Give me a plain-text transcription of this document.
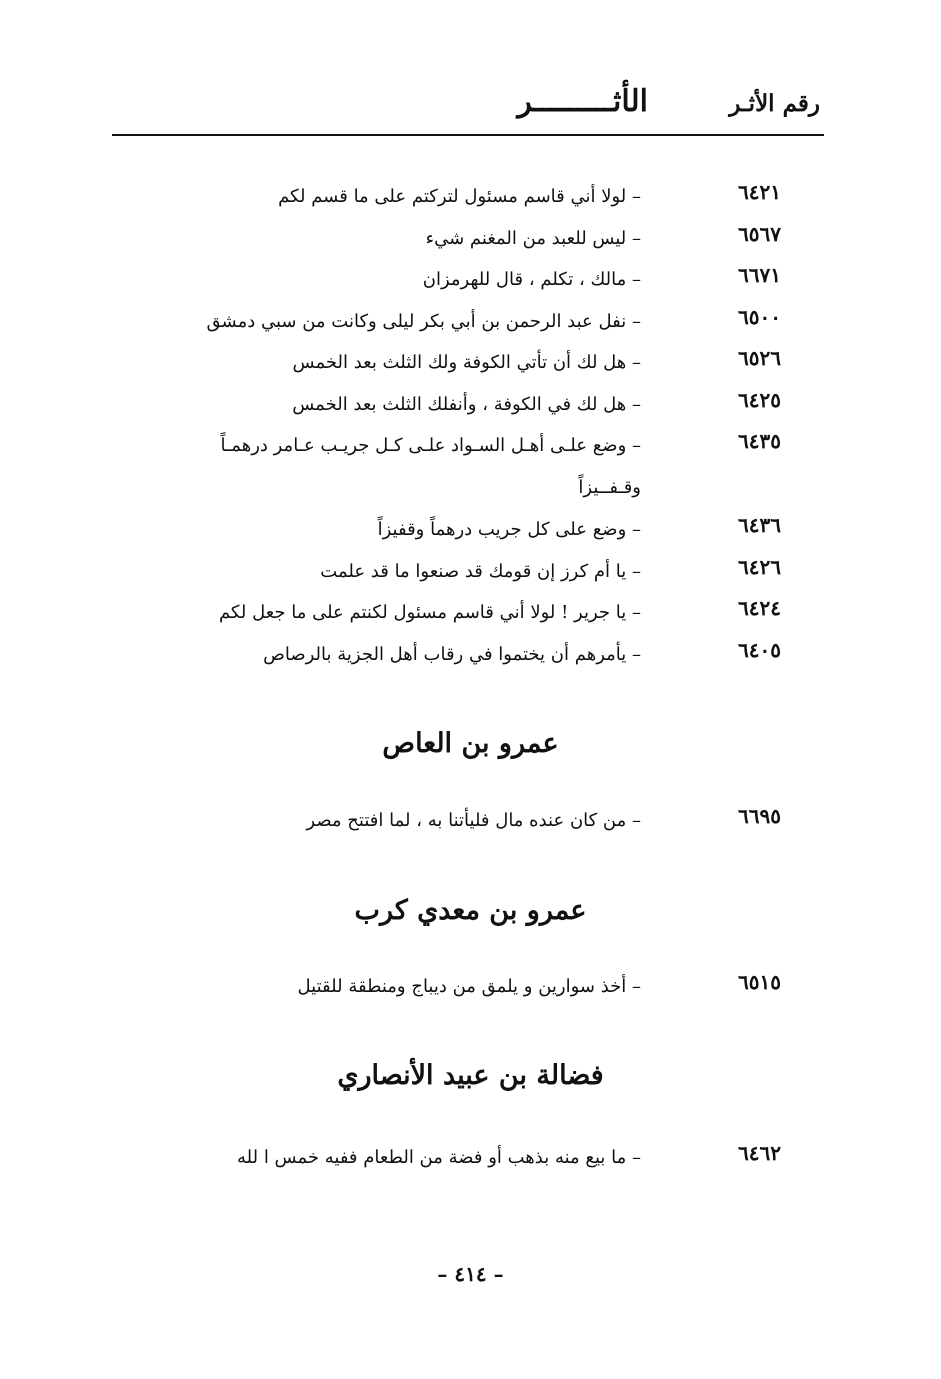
رقم الأثـر
الأثـــــــــر
٦٤٢١
– لولا أني قاسم مسئول لتركتم على ما قسم لكم
٦٥٦٧
– ليس للعبد من المغنم شيء
٦٦٧١
– مالك ، تكلم ، قال للهرمزان
٦٥٠٠
– نفل عبد الرحمن بن أبي بكر ليلى وكانت من سبي دمشق
٦٥٢٦
– هل لك أن تأتي الكوفة ولك الثلث بعد الخمس
٦٤٢٥
– هل لك في الكوفة ، وأنفلك الثلث بعد الخمس
٦٤٣٥
– وضع علـى أهـل السـواد علـى كـل جريـب عـامر درهمـاً وقـفــيزاً
٦٤٣٦
– وضع على كل جريب درهماً وقفيزاً
٦٤٢٦
– يا أم كرز إن قومك قد صنعوا ما قد علمت
٦٤٢٤
– يا جرير ! لولا أني قاسم مسئول لكنتم على ما جعل لكم
٦٤٠٥
– يأمرهم أن يختموا في رقاب أهل الجزية بالرصاص
عمرو بن العاص
٦٦٩٥
– من كان عنده مال فليأتنا به ، لما افتتح مصر
عمرو بن معدي كرب
٦٥١٥
– أخذ سوارين و يلمق من ديباج ومنطقة للقتيل
فضالة بن عبيد الأنصاري
٦٤٦٢
– ما بيع منه بذهب أو فضة من الطعام ففيه خمس ا لله
– ٤١٤ –
